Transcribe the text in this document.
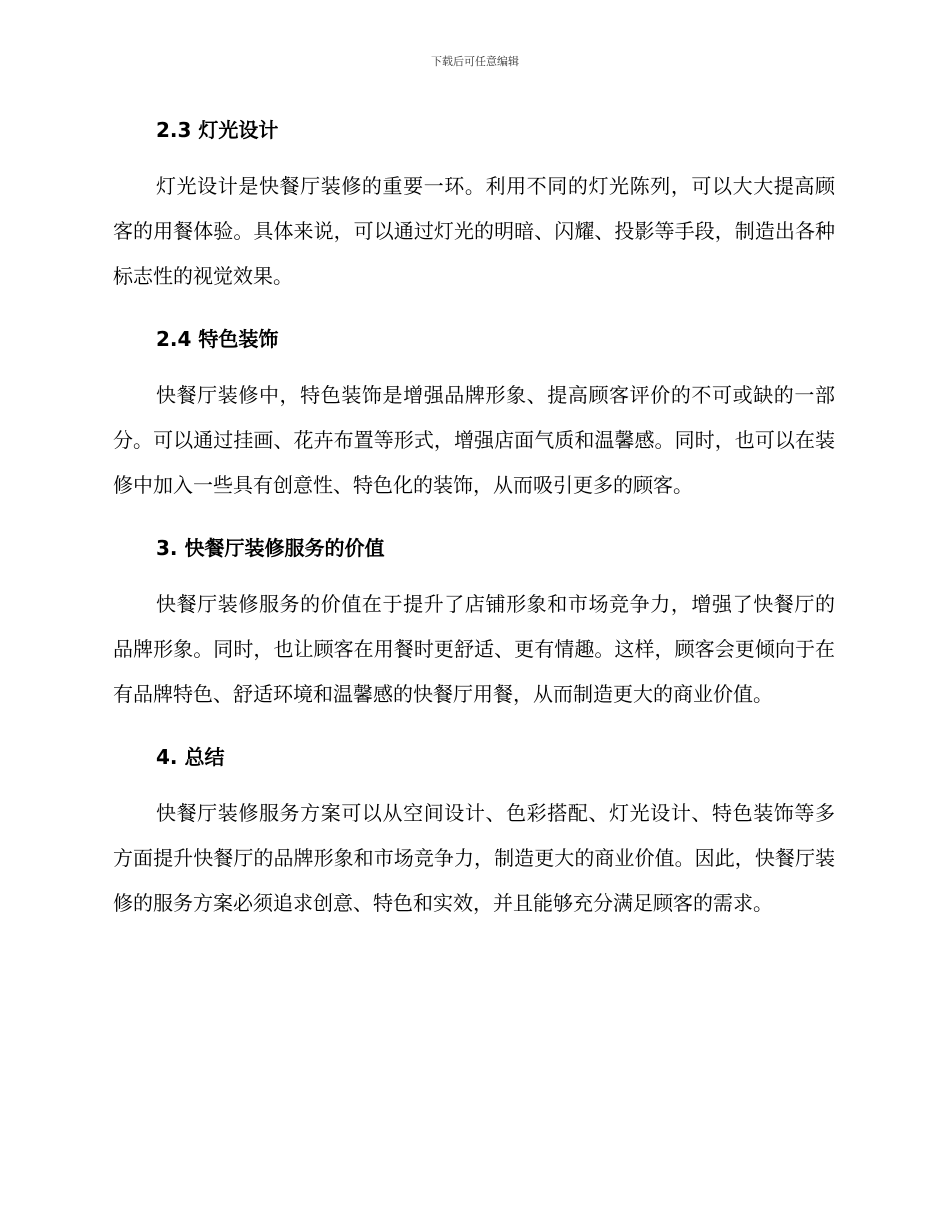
下载后可任意编辑
2.3 灯光设计

灯光设计是快餐厅装修的重要一环。利用不同的灯光陈列，可以大大提高顾客的用餐体验。具体来说，可以通过灯光的明暗、闪耀、投影等手段，制造出各种标志性的视觉效果。

2.4 特色装饰

快餐厅装修中，特色装饰是增强品牌形象、提高顾客评价的不可或缺的一部分。可以通过挂画、花卉布置等形式，增强店面气质和温馨感。同时，也可以在装修中加入一些具有创意性、特色化的装饰，从而吸引更多的顾客。

3. 快餐厅装修服务的价值

快餐厅装修服务的价值在于提升了店铺形象和市场竞争力，增强了快餐厅的品牌形象。同时，也让顾客在用餐时更舒适、更有情趣。这样，顾客会更倾向于在有品牌特色、舒适环境和温馨感的快餐厅用餐，从而制造更大的商业价值。

4. 总结

快餐厅装修服务方案可以从空间设计、色彩搭配、灯光设计、特色装饰等多方面提升快餐厅的品牌形象和市场竞争力，制造更大的商业价值。因此，快餐厅装修的服务方案必须追求创意、特色和实效，并且能够充分满足顾客的需求。
